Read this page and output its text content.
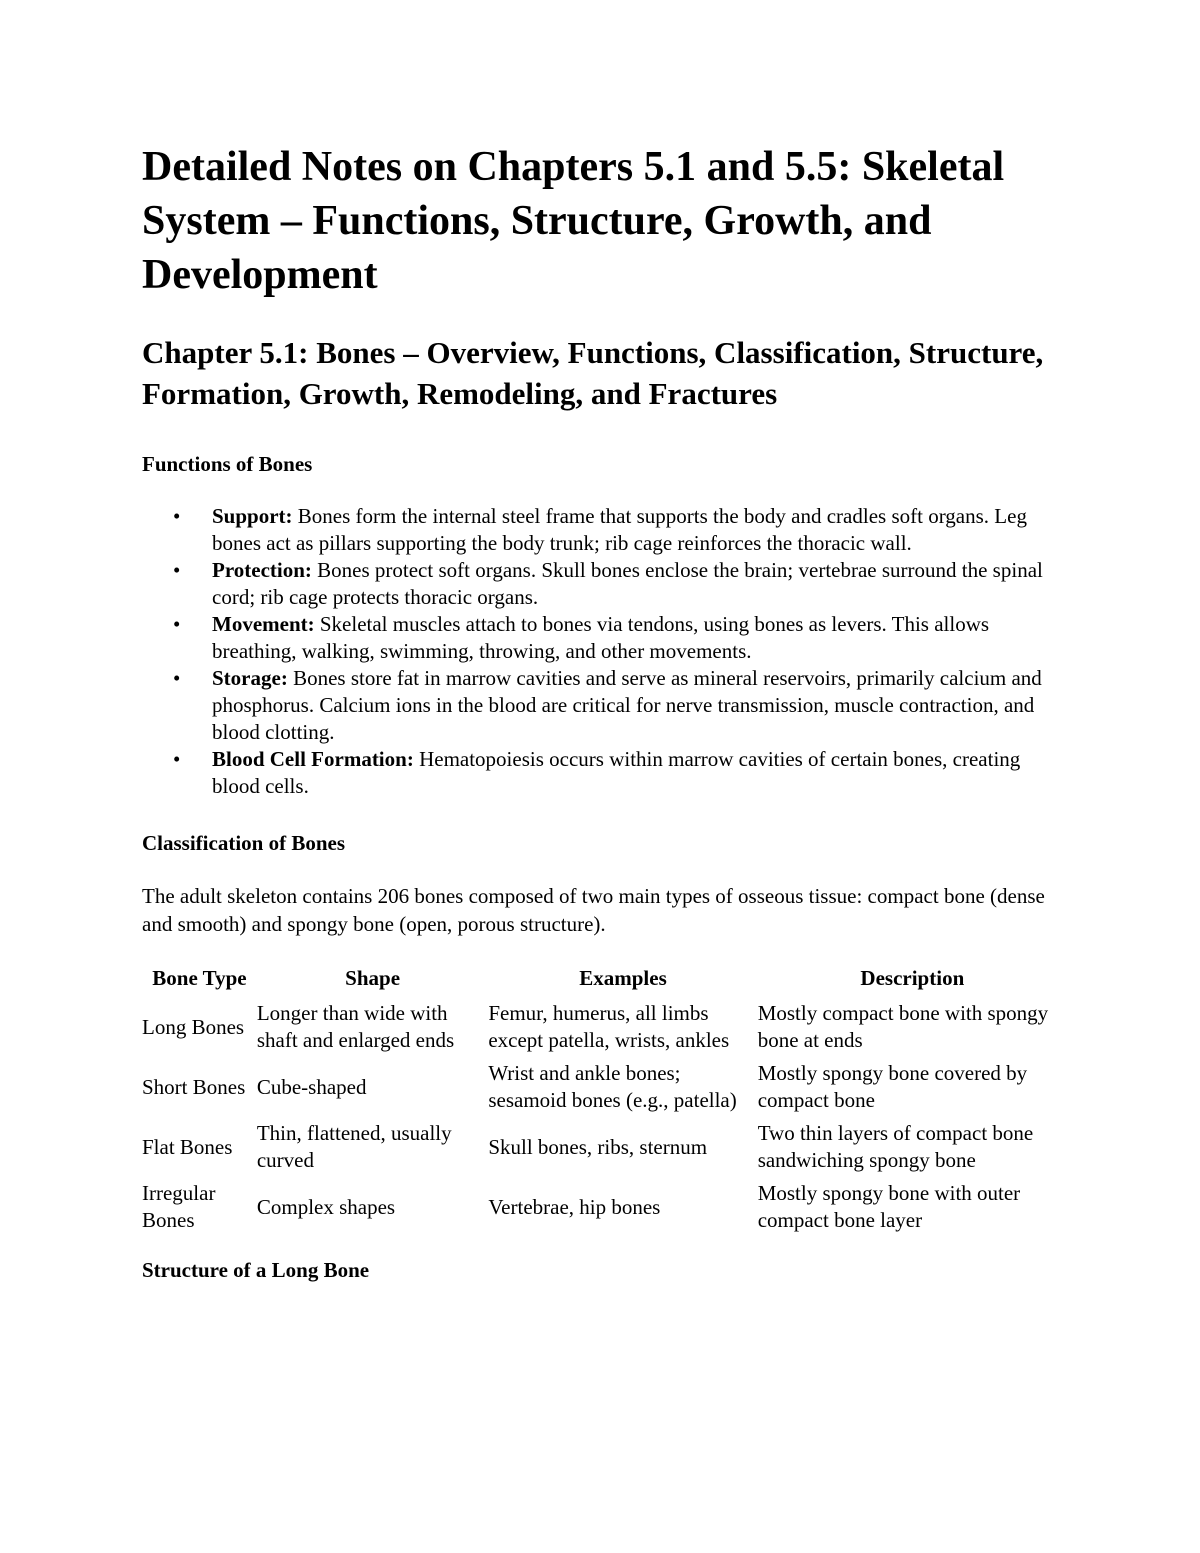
Detailed Notes on Chapters 5.1 and 5.5: Skeletal System – Functions, Structure, Growth, and Development
Chapter 5.1: Bones – Overview, Functions, Classification, Structure, Formation, Growth, Remodeling, and Fractures
Functions of Bones
• Support: Bones form the internal steel frame that supports the body and cradles soft organs. Leg bones act as pillars supporting the body trunk; rib cage reinforces the thoracic wall.
• Protection: Bones protect soft organs. Skull bones enclose the brain; vertebrae surround the spinal cord; rib cage protects thoracic organs.
• Movement: Skeletal muscles attach to bones via tendons, using bones as levers. This allows breathing, walking, swimming, throwing, and other movements.
• Storage: Bones store fat in marrow cavities and serve as mineral reservoirs, primarily calcium and phosphorus. Calcium ions in the blood are critical for nerve transmission, muscle contraction, and blood clotting.
• Blood Cell Formation: Hematopoiesis occurs within marrow cavities of certain bones, creating blood cells.
Classification of Bones

The adult skeleton contains 206 bones composed of two main types of osseous tissue: compact bone (dense and smooth) and spongy bone (open, porous structure).

Bone Type	Shape	Examples	Description
Long Bones	Longer than wide with shaft and enlarged ends	Femur, humerus, all limbs except patella, wrists, ankles	Mostly compact bone with spongy bone at ends
Short Bones	Cube-shaped	Wrist and ankle bones; sesamoid bones (e.g., patella)	Mostly spongy bone covered by compact bone
Flat Bones	Thin, flattened, usually curved	Skull bones, ribs, sternum	Two thin layers of compact bone sandwiching spongy bone
Irregular Bones	Complex shapes	Vertebrae, hip bones	Mostly spongy bone with outer compact bone layer
Structure of a Long Bone
